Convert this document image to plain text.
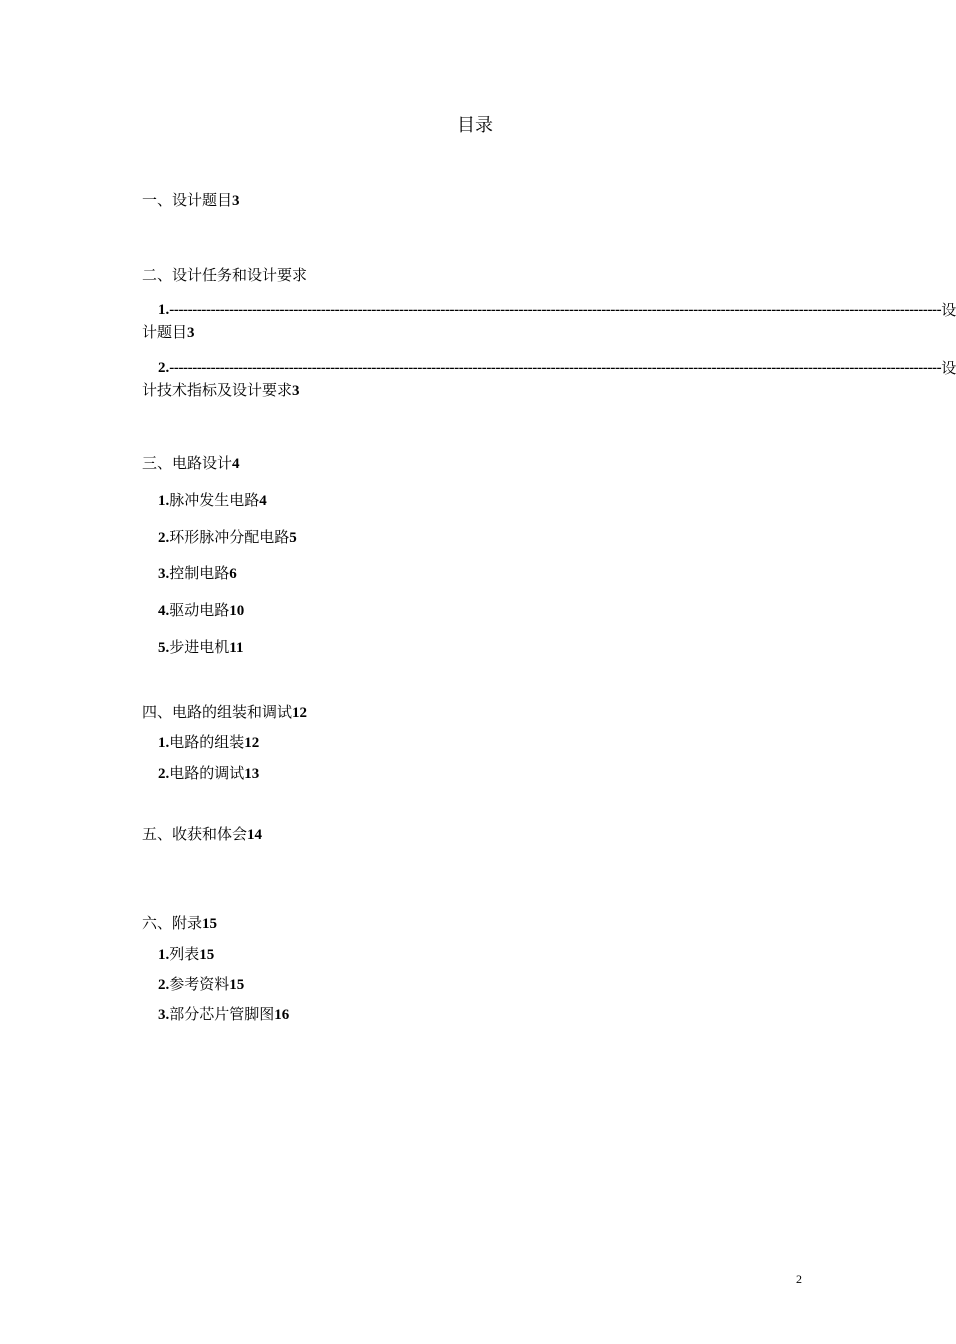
目录
一、设计题目3
二、设计任务和设计要求
1. ------------------------------------------------------------------------------------------------------------------------------------------------------------------------ 设
计题目3
2. ------------------------------------------------------------------------------------------------------------------------------------------------------------------------ 设
计技术指标及设计要求3
三、电路设计4
1.脉冲发生电路4
2.环形脉冲分配电路5
3.控制电路6
4.驱动电路10
5.步进电机11
四、电路的组装和调试12
1.电路的组装12
2.电路的调试13
五、收获和体会14
六、附录15
1.列表15
2.参考资料15
3.部分芯片管脚图16
2
